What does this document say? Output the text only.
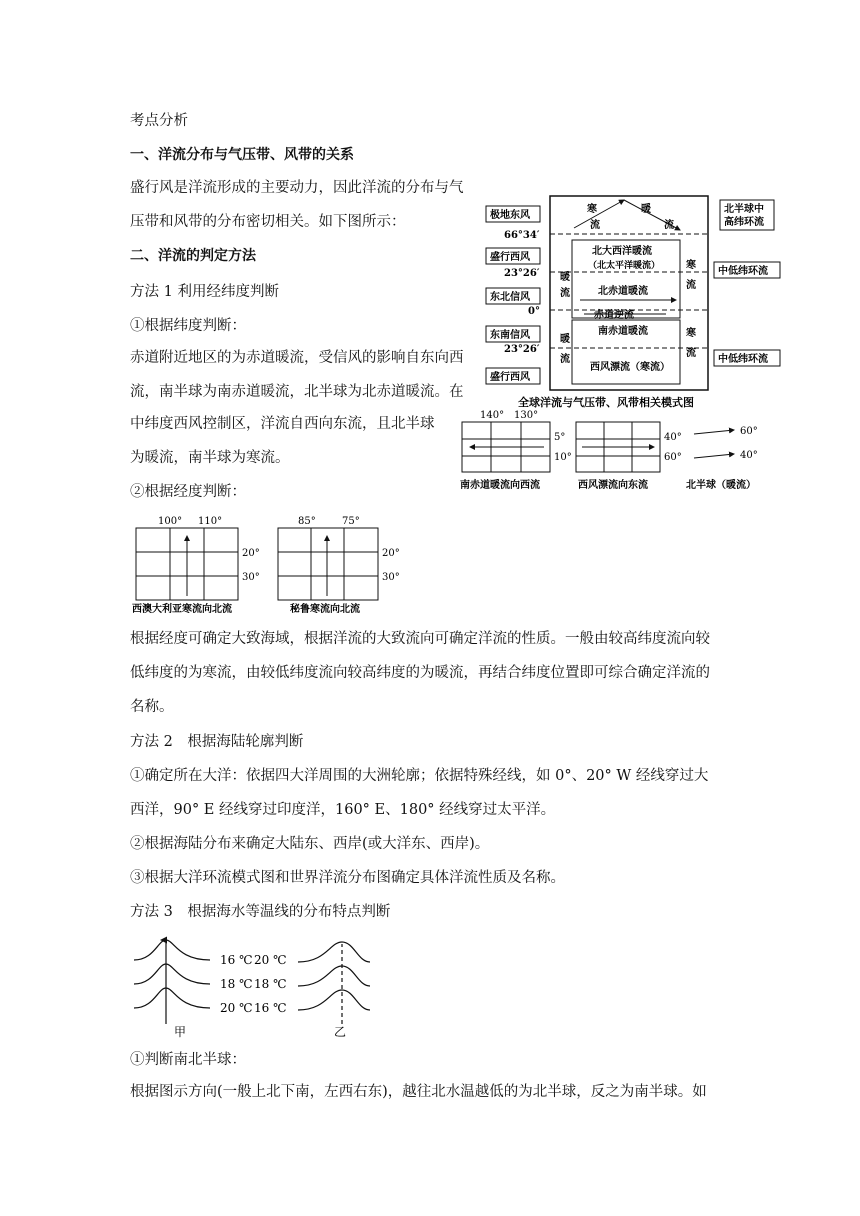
考点分析
一、洋流分布与气压带、风带的关系
盛行风是洋流形成的主要动力，因此洋流的分布与气
压带和风带的分布密切相关。如下图所示：
二、洋流的判定方法
方法 1 利用经纬度判断
①根据纬度判断：
赤道附近地区的为赤道暖流，受信风的影响自东向西
流，南半球为南赤道暖流，北半球为北赤道暖流。在
中纬度西风控制区，洋流自西向东流，且北半球
为暖流，南半球为寒流。
②根据经度判断：
根据经度可确定大致海域，根据洋流的大致流向可确定洋流的性质。一般由较高纬度流向较
低纬度的为寒流，由较低纬度流向较高纬度的为暖流，再结合纬度位置即可综合确定洋流的
名称。
方法 2　根据海陆轮廓判断
①确定所在大洋：依据四大洋周围的大洲轮廓；依据特殊经线，如 0°、20° W 经线穿过大
西洋，90° E 经线穿过印度洋，160° E、180° 经线穿过太平洋。
②根据海陆分布来确定大陆东、西岸(或大洋东、西岸)。
③根据大洋环流模式图和世界洋流分布图确定具体洋流性质及名称。
方法 3　根据海水等温线的分布特点判断
①判断南北半球：
根据图示方向(一般上北下南，左西右东)，越往北水温越低的为北半球，反之为南半球。如
寒
流
暖
流
北大西洋暖流
（北太平洋暖流）
暖
流
寒
流
北赤道暖流
赤道逆流
南赤道暖流
暖
流
寒
流
西风漂流（寒流）
极地东风
66°34′
盛行西风
23°26′
东北信风
0°
东南信风
23°26′
盛行西风
北半球中
高纬环流
中低纬环流
中低纬环流
全球洋流与气压带、风带相关模式图
140° 130°
5°
10°
南赤道暖流向西流
40°
60°
西风漂流向东流
60°
40°
北半球（暖流）
100° 110°
20°
30°
西澳大利亚寒流向北流
85°	75°
20°
30°
秘鲁寒流向北流
16 ℃
18 ℃
20 ℃
甲
20 ℃
18 ℃
16 ℃
乙
